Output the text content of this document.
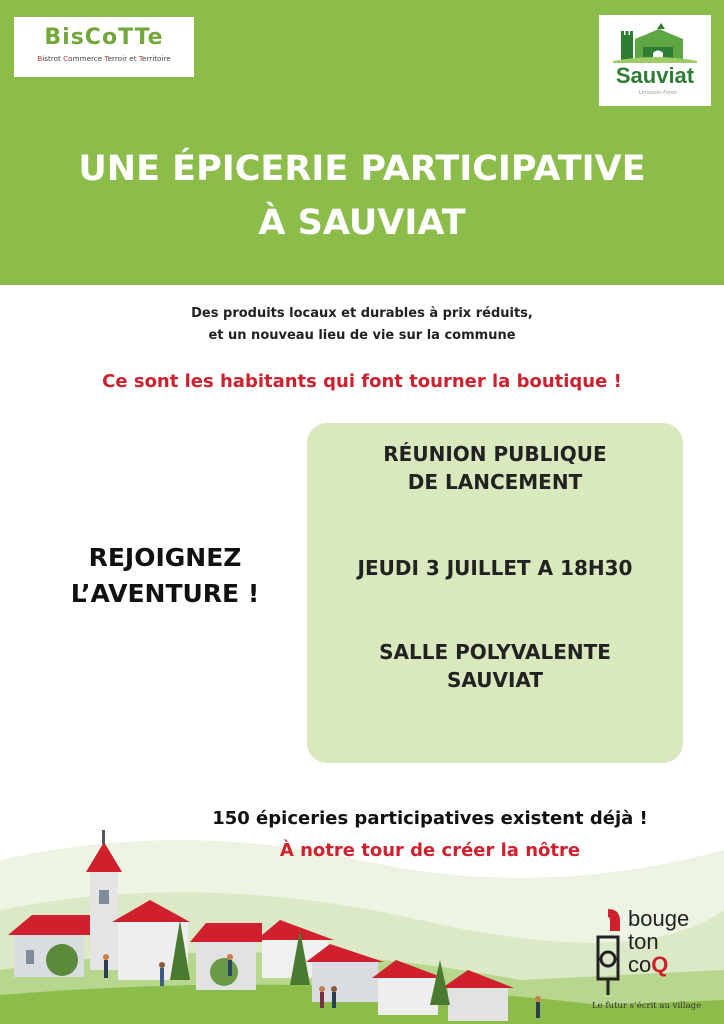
BisCoTTe
Bistrot Commerce Terroir et Territoire
Sauviat
Limousin-Forez
UNE ÉPICERIE PARTICIPATIVE
À SAUVIAT
Des produits locaux et durables à prix réduits,
et un nouveau lieu de vie sur la commune
Ce sont les habitants qui font tourner la boutique !
REJOIGNEZ
L’AVENTURE !
RÉUNION PUBLIQUE
DE LANCEMENT
JEUDI 3 JUILLET A 18H30
SALLE POLYVALENTE
SAUVIAT
150 épiceries participatives existent déjà !
À notre tour de créer la nôtre
bouge
ton
coQ
Le futur s’écrit au village
